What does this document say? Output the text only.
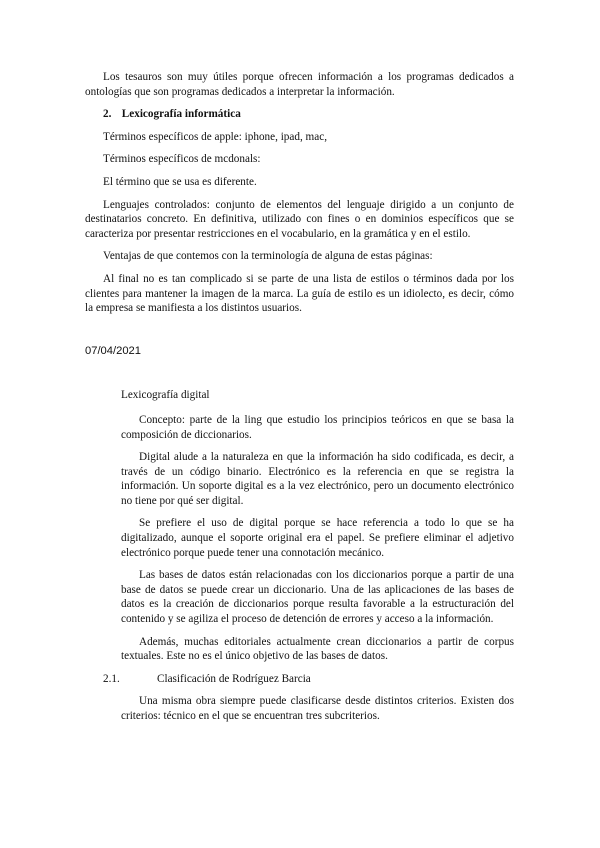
Los tesauros son muy útiles porque ofrecen información a los programas dedicados a ontologías que son programas dedicados a interpretar la información.

2. Lexicografía informática

Términos específicos de apple: iphone, ipad, mac,

Términos específicos de mcdonals:

El término que se usa es diferente.

Lenguajes controlados: conjunto de elementos del lenguaje dirigido a un conjunto de destinatarios concreto. En definitiva, utilizado con fines o en dominios específicos que se caracteriza por presentar restricciones en el vocabulario, en la gramática y en el estilo.

Ventajas de que contemos con la terminología de alguna de estas páginas:

Al final no es tan complicado si se parte de una lista de estilos o términos dada por los clientes para mantener la imagen de la marca. La guía de estilo es un idiolecto, es decir, cómo la empresa se manifiesta a los distintos usuarios.

07/04/2021

Lexicografía digital

Concepto: parte de la ling que estudio los principios teóricos en que se basa la composición de diccionarios.

Digital alude a la naturaleza en que la información ha sido codificada, es decir, a través de un código binario. Electrónico es la referencia en que se registra la información. Un soporte digital es a la vez electrónico, pero un documento electrónico no tiene por qué ser digital.

Se prefiere el uso de digital porque se hace referencia a todo lo que se ha digitalizado, aunque el soporte original era el papel. Se prefiere eliminar el adjetivo electrónico porque puede tener una connotación mecánico.

Las bases de datos están relacionadas con los diccionarios porque a partir de una base de datos se puede crear un diccionario. Una de las aplicaciones de las bases de datos es la creación de diccionarios porque resulta favorable a la estructuración del contenido y se agiliza el proceso de detención de errores y acceso a la información.

Además, muchas editoriales actualmente crean diccionarios a partir de corpus textuales. Este no es el único objetivo de las bases de datos.

2.1.	Clasificación de Rodríguez Barcia

Una misma obra siempre puede clasificarse desde distintos criterios. Existen dos criterios: técnico en el que se encuentran tres subcriterios.
